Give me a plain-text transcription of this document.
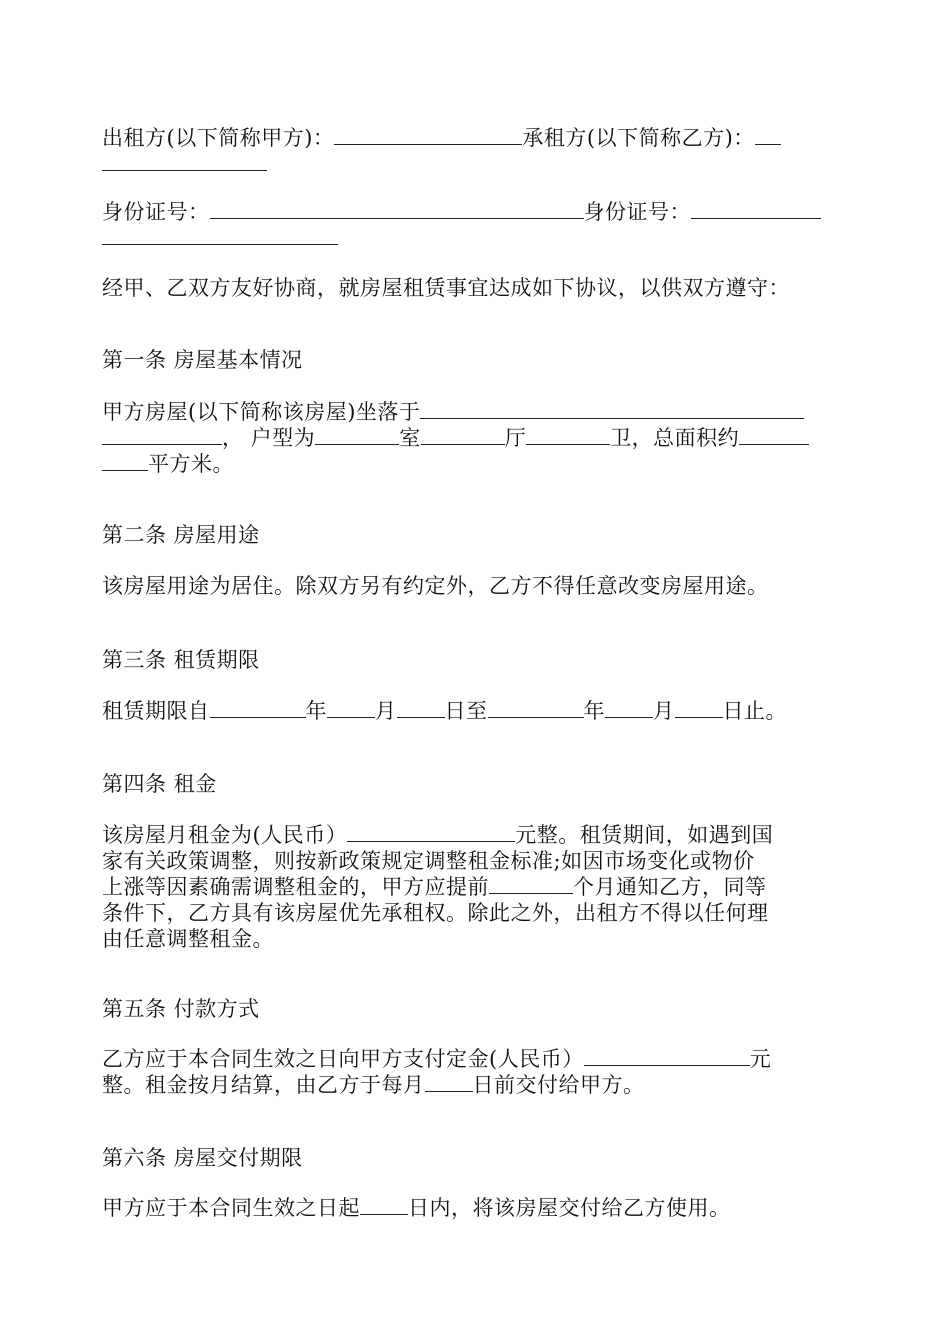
出租方(以下简称甲方)：	承租方(以下简称乙方)：
身份证号：	身份证号：
经甲、乙双方友好协商，就房屋租赁事宜达成如下协议，以供双方遵守：
第一条 房屋基本情况
甲方房屋(以下简称该房屋)坐落于
， 户型为	室	厅	卫，总面积约
平方米。
第二条 房屋用途
该房屋用途为居住。除双方另有约定外，乙方不得任意改变房屋用途。
第三条 租赁期限
租赁期限自	年 月 日至	年 月 日止。
第四条 租金
该房屋月租金为(人民币）	元整。租赁期间，如遇到国
家有关政策调整，则按新政策规定调整租金标准;如因市场变化或物价
上涨等因素确需调整租金的，甲方应提前	个月通知乙方，同等
条件下，乙方具有该房屋优先承租权。除此之外，出租方不得以任何理
由任意调整租金。
第五条 付款方式
乙方应于本合同生效之日向甲方支付定金(人民币）	元
整。租金按月结算，由乙方于每月 日前交付给甲方。
第六条 房屋交付期限
甲方应于本合同生效之日起 日内，将该房屋交付给乙方使用。
